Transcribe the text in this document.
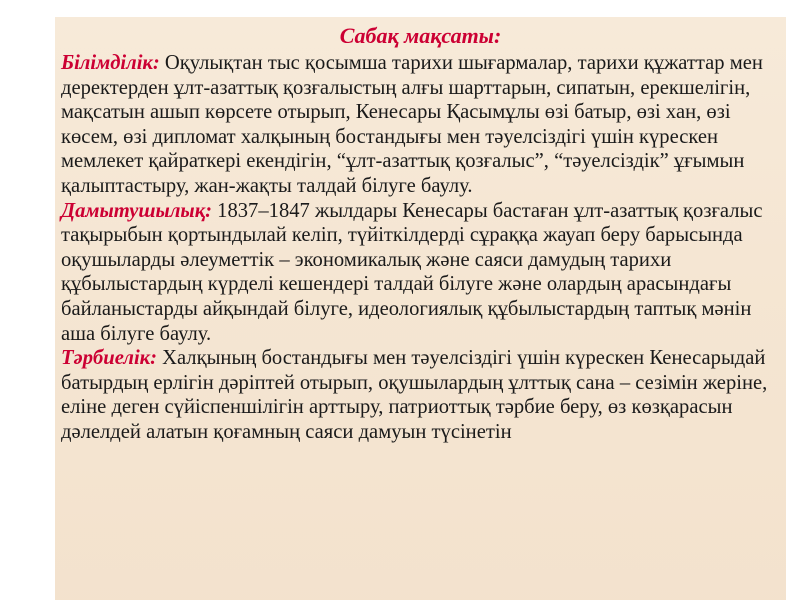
Сабақ мақсаты:

Білімділік: Оқулықтан тыс қосымша тарихи шығармалар, тарихи құжаттар мен деректерден ұлт-азаттық қозғалыстың алғы шарттарын, сипатын, ерекшелігін, мақсатын ашып көрсете отырып, Кенесары Қасымұлы өзі батыр, өзі хан, өзі көсем, өзі дипломат халқының бостандығы мен тәуелсіздігі үшін күрескен мемлекет қайраткері екендігін, “ұлт-азаттық қозғалыс”, “тәуелсіздік” ұғымын қалыптастыру, жан-жақты талдай білуге баулу.

Дамытушылық: 1837–1847 жылдары Кенесары бастаған ұлт-азаттық қозғалыс тақырыбын қортындылай келіп, түйіткілдерді сұраққа жауап беру барысында оқушыларды әлеуметтік – экономикалық және саяси дамудың тарихи құбылыстардың күрделі кешендері талдай білуге және олардың арасындағы байланыстарды айқындай білуге, идеологиялық құбылыстардың таптық мәнін аша білуге баулу.

Тәрбиелік: Халқының бостандығы мен тәуелсіздігі үшін күрескен Кенесарыдай батырдың ерлігін дәріптей отырып, оқушылардың ұлттық сана – сезімін жеріне, еліне деген сүйіспеншілігін арттыру, патриоттық тәрбие беру, өз көзқарасын дәлелдей алатын қоғамның саяси дамуын түсінетін
